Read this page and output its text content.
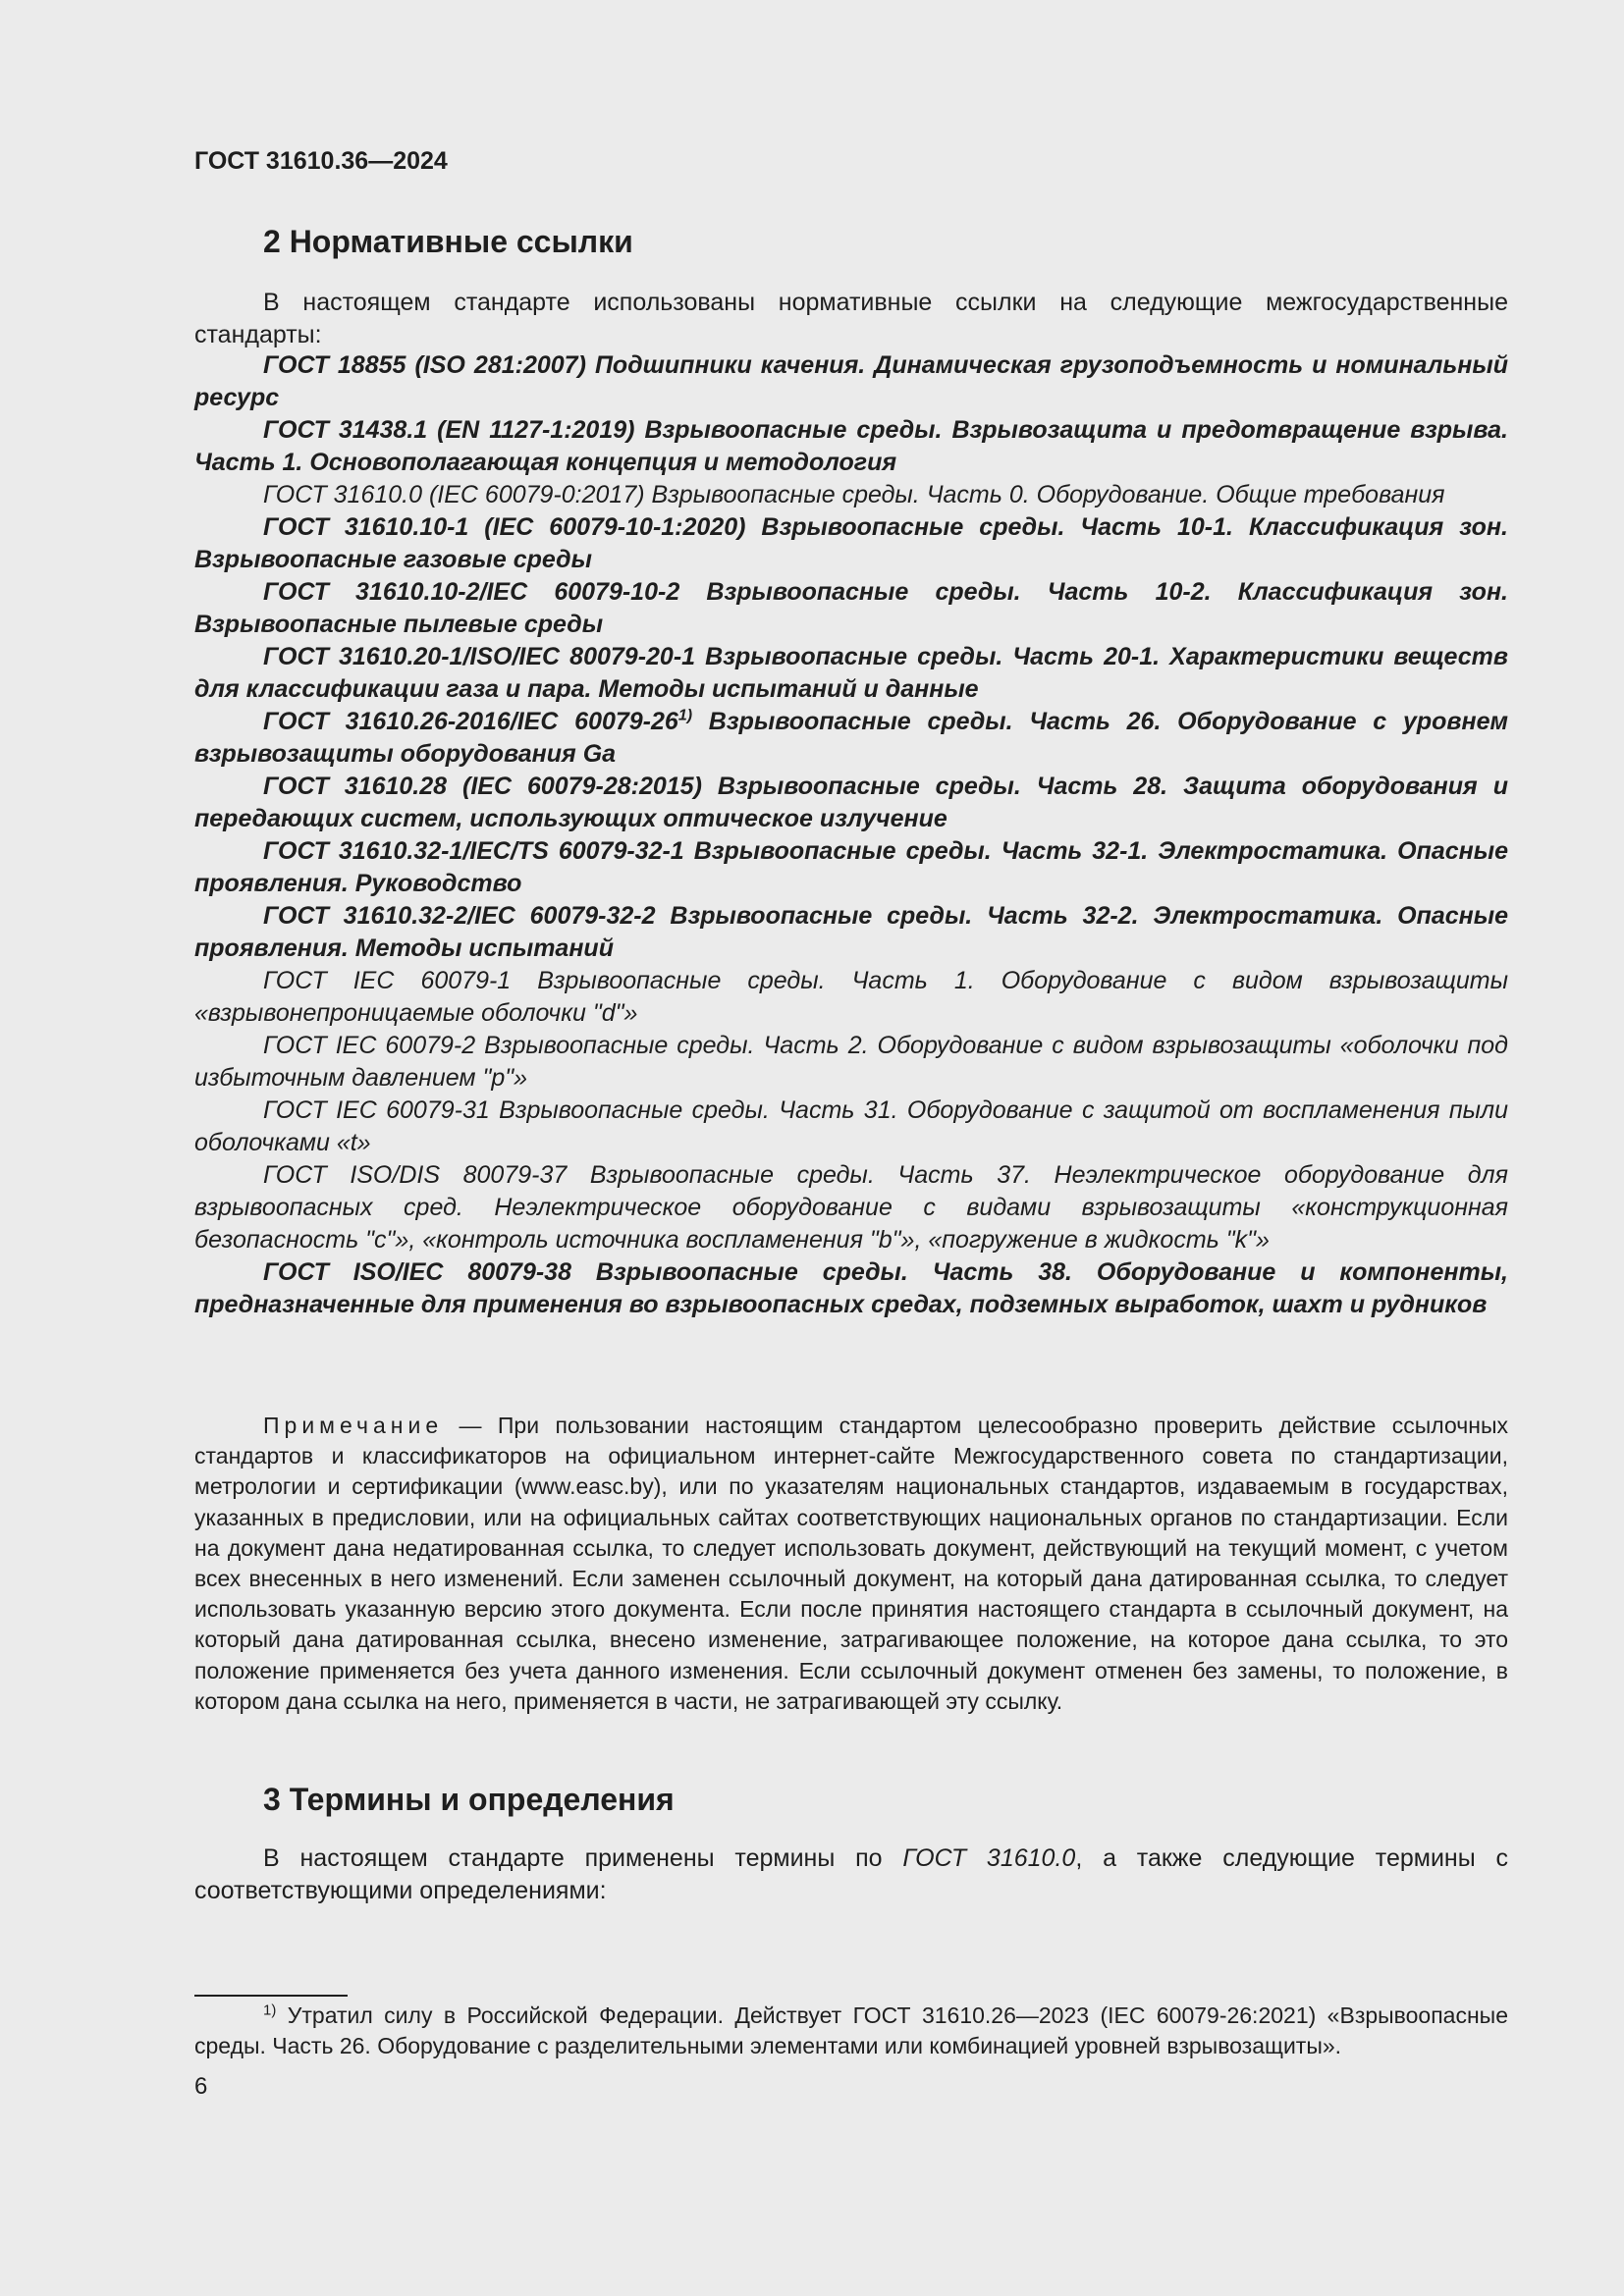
ГОСТ 31610.36—2024

2 Нормативные ссылки

В настоящем стандарте использованы нормативные ссылки на следующие межгосударственные стандарты:

ГОСТ 18855 (ISO 281:2007) Подшипники качения. Динамическая грузоподъемность и номинальный ресурс
ГОСТ 31438.1 (EN 1127-1:2019) Взрывоопасные среды. Взрывозащита и предотвращение взрыва. Часть 1. Основополагающая концепция и методология
ГОСТ 31610.0 (IEC 60079-0:2017) Взрывоопасные среды. Часть 0. Оборудование. Общие требования
ГОСТ 31610.10-1 (IEC 60079-10-1:2020) Взрывоопасные среды. Часть 10-1. Классификация зон. Взрывоопасные газовые среды
ГОСТ 31610.10-2/IEC 60079-10-2 Взрывоопасные среды. Часть 10-2. Классификация зон. Взрывоопасные пылевые среды
ГОСТ 31610.20-1/ISO/IEC 80079-20-1 Взрывоопасные среды. Часть 20-1. Характеристики веществ для классификации газа и пара. Методы испытаний и данные
ГОСТ 31610.26-2016/IEC 60079-26$^{1)}$ Взрывоопасные среды. Часть 26. Оборудование с уровнем взрывозащиты оборудования Ga
ГОСТ 31610.28 (IEC 60079-28:2015) Взрывоопасные среды. Часть 28. Защита оборудования и передающих систем, использующих оптическое излучение
ГОСТ 31610.32-1/IEC/TS 60079-32-1 Взрывоопасные среды. Часть 32-1. Электростатика. Опасные проявления. Руководство
ГОСТ 31610.32-2/IEC 60079-32-2 Взрывоопасные среды. Часть 32-2. Электростатика. Опасные проявления. Методы испытаний
ГОСТ IEC 60079-1 Взрывоопасные среды. Часть 1. Оборудование с видом взрывозащиты «взрывонепроницаемые оболочки "d"»
ГОСТ IEC 60079-2 Взрывоопасные среды. Часть 2. Оборудование с видом взрывозащиты «оболочки под избыточным давлением "p"»
ГОСТ IEC 60079-31 Взрывоопасные среды. Часть 31. Оборудование с защитой от воспламенения пыли оболочками «t»
ГОСТ ISO/DIS 80079-37 Взрывоопасные среды. Часть 37. Неэлектрическое оборудование для взрывоопасных сред. Неэлектрическое оборудование с видами взрывозащиты «конструкционная безопасность "c"», «контроль источника воспламенения "b"», «погружение в жидкость "k"»
ГОСТ ISO/IEC 80079-38 Взрывоопасные среды. Часть 38. Оборудование и компоненты, предназначенные для применения во взрывоопасных средах, подземных выработок, шахт и рудников

Примечание — При пользовании настоящим стандартом целесообразно проверить действие ссылочных стандартов и классификаторов на официальном интернет-сайте Межгосударственного совета по стандартизации, метрологии и сертификации (www.easc.by), или по указателям национальных стандартов, издаваемым в государствах, указанных в предисловии, или на официальных сайтах соответствующих национальных органов по стандартизации. Если на документ дана недатированная ссылка, то следует использовать документ, действующий на текущий момент, с учетом всех внесенных в него изменений. Если заменен ссылочный документ, на который дана датированная ссылка, то следует использовать указанную версию этого документа. Если после принятия настоящего стандарта в ссылочный документ, на который дана датированная ссылка, внесено изменение, затрагивающее положение, на которое дана ссылка, то это положение применяется без учета данного изменения. Если ссылочный документ отменен без замены, то положение, в котором дана ссылка на него, применяется в части, не затрагивающей эту ссылку.

3 Термины и определения

В настоящем стандарте применены термины по ГОСТ 31610.0, а также следующие термины с соответствующими определениями:

$^{1)}$ Утратил силу в Российской Федерации. Действует ГОСТ 31610.26—2023 (IEC 60079-26:2021) «Взрывоопасные среды. Часть 26. Оборудование с разделительными элементами или комбинацией уровней взрывозащиты».

6
